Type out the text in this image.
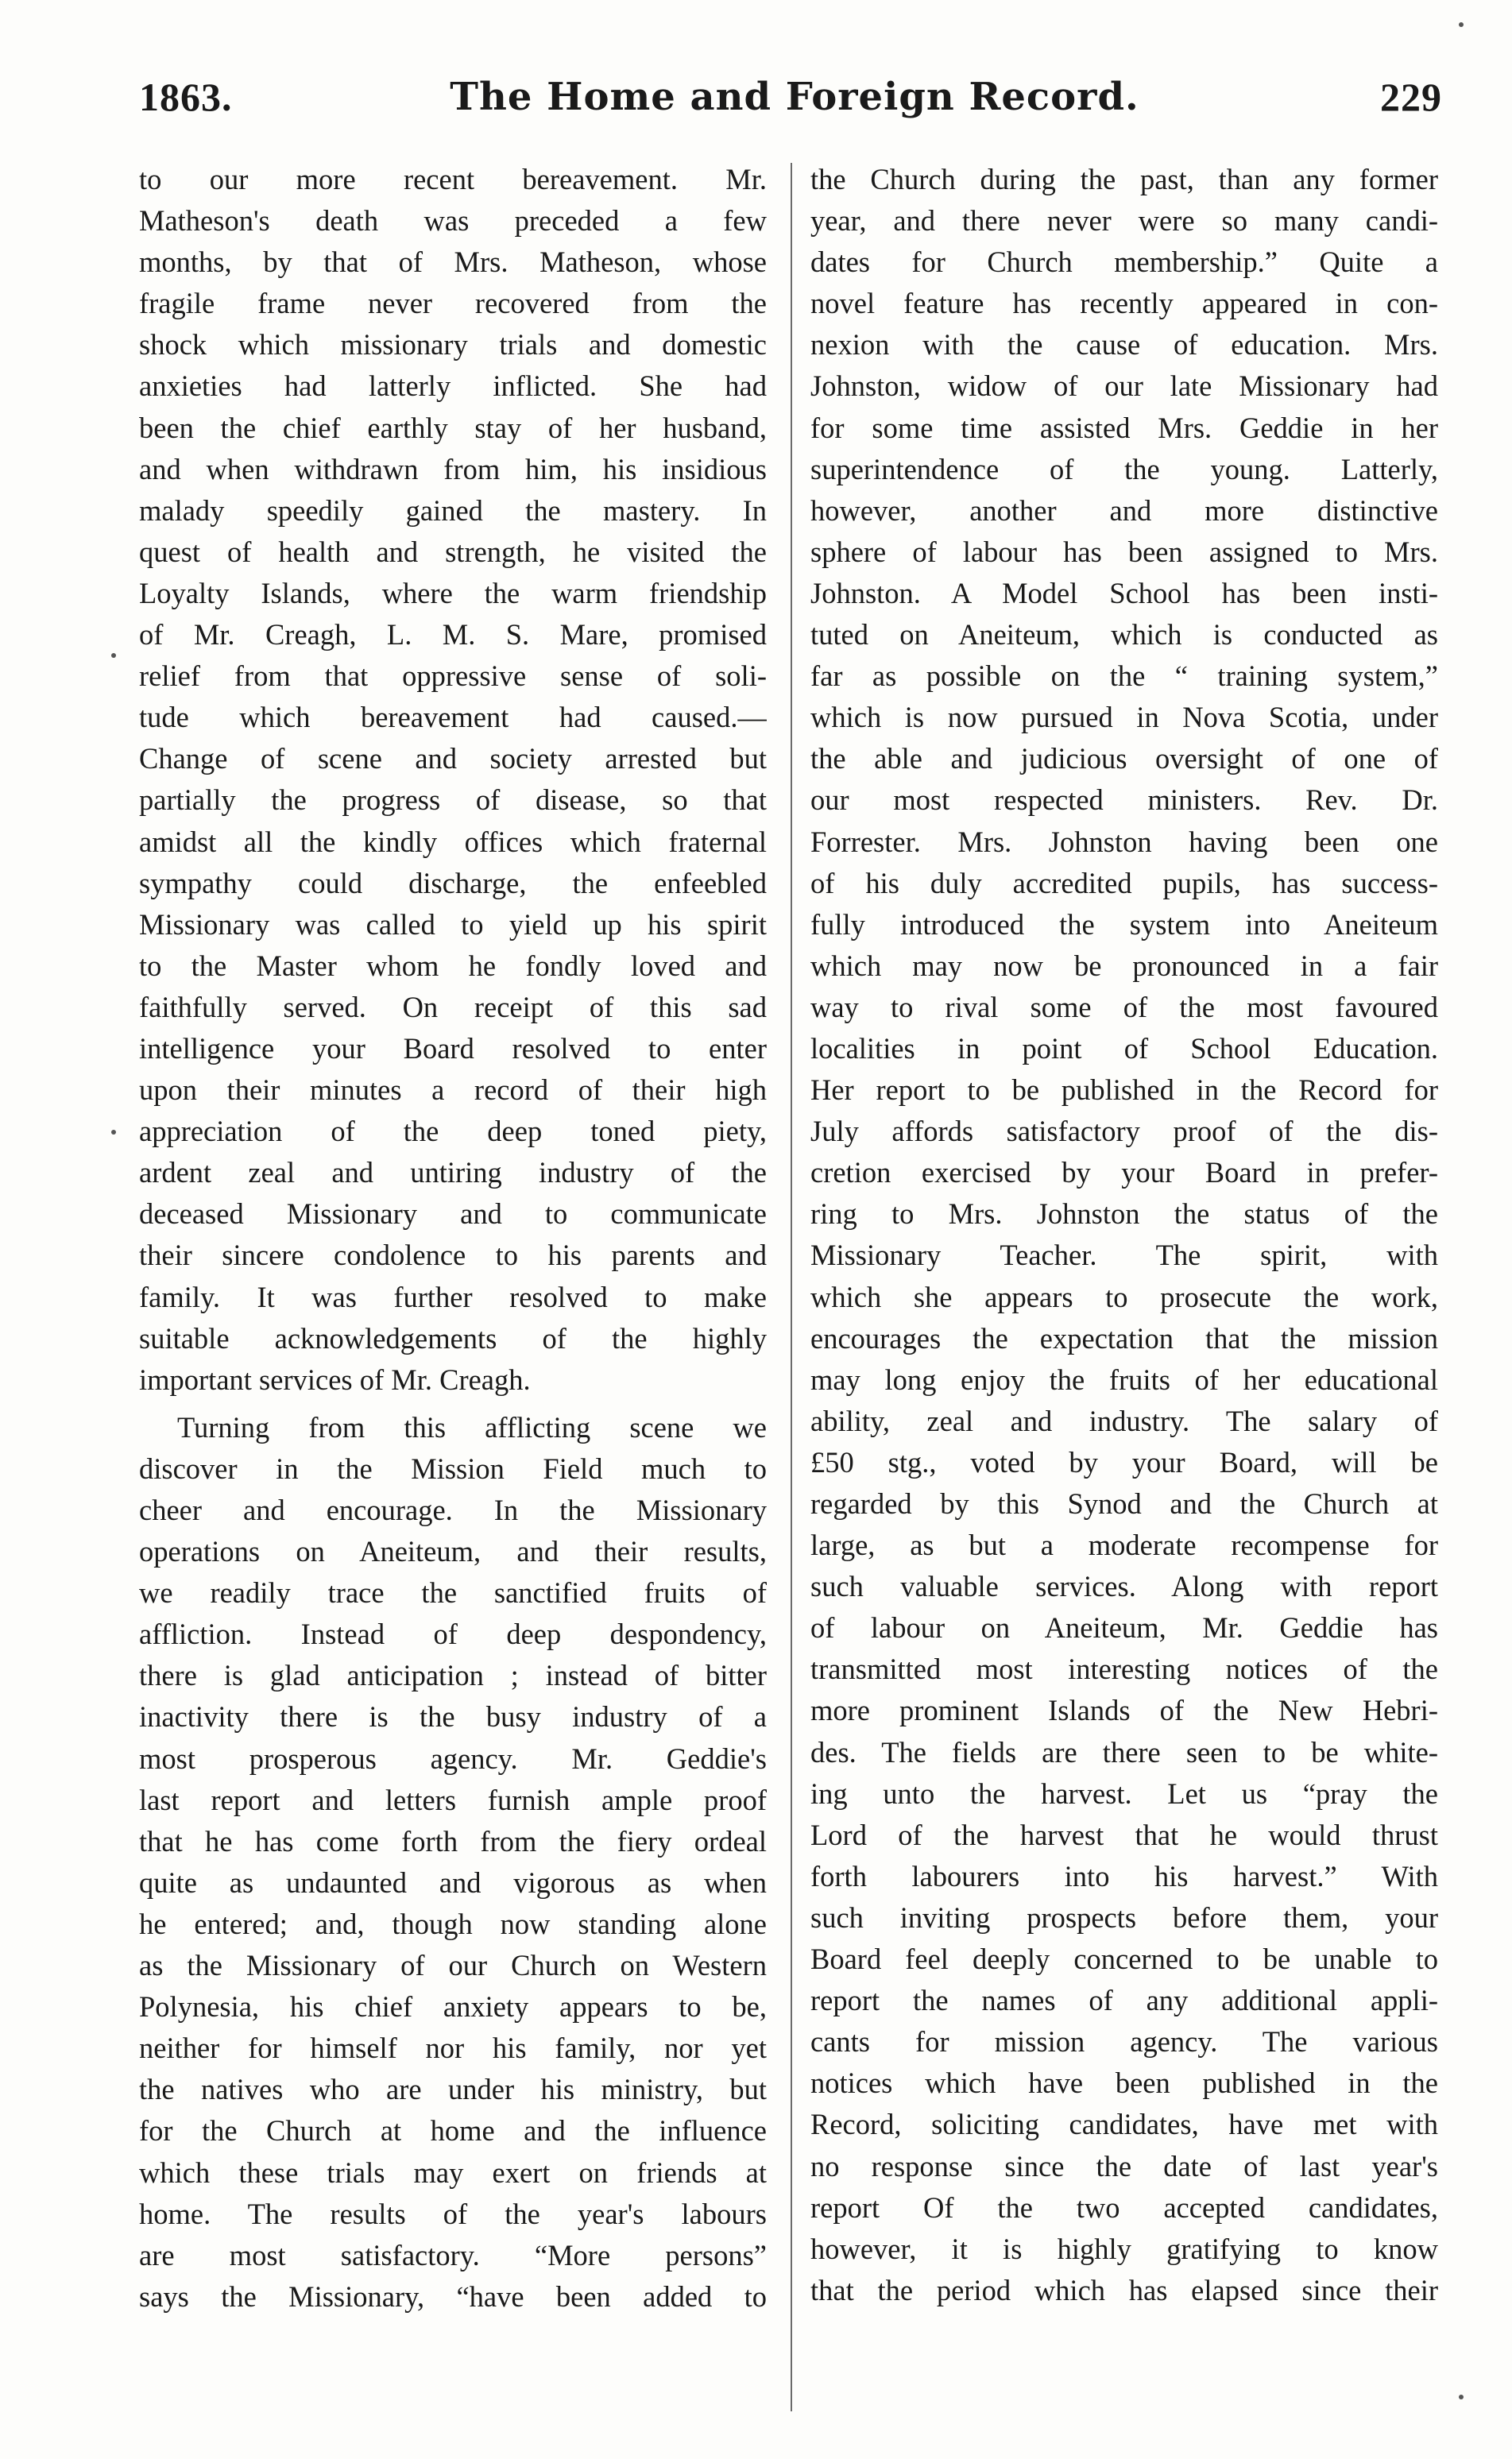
1863.	The Home and Foreign Record.	229
to our more recent bereavement. Mr.
Matheson's death was preceded a few
months, by that of Mrs. Matheson, whose
fragile frame never recovered from the
shock which missionary trials and domestic
anxieties had latterly inflicted. She had
been the chief earthly stay of her husband,
and when withdrawn from him, his insidious
malady speedily gained the mastery. In
quest of health and strength, he visited the
Loyalty Islands, where the warm friendship
of Mr. Creagh, L. M. S. Mare, promised
relief from that oppressive sense of soli-
tude which bereavement had caused.—
Change of scene and society arrested but
partially the progress of disease, so that
amidst all the kindly offices which fraternal
sympathy could discharge, the enfeebled
Missionary was called to yield up his spirit
to the Master whom he fondly loved and
faithfully served. On receipt of this sad
intelligence your Board resolved to enter
upon their minutes a record of their high
appreciation of the deep toned piety,
ardent zeal and untiring industry of the
deceased Missionary and to communicate
their sincere condolence to his parents and
family. It was further resolved to make
suitable acknowledgements of the highly
important services of Mr. Creagh.
Turning from this afflicting scene we
discover in the Mission Field much to
cheer and encourage. In the Missionary
operations on Aneiteum, and their results,
we readily trace the sanctified fruits of
affliction. Instead of deep despondency,
there is glad anticipation ; instead of bitter
inactivity there is the busy industry of a
most prosperous agency. Mr. Geddie's
last report and letters furnish ample proof
that he has come forth from the fiery ordeal
quite as undaunted and vigorous as when
he entered; and, though now standing alone
as the Missionary of our Church on Western
Polynesia, his chief anxiety appears to be,
neither for himself nor his family, nor yet
the natives who are under his ministry, but
for the Church at home and the influence
which these trials may exert on friends at
home. The results of the year's labours
are most satisfactory. “More persons”
says the Missionary, “have been added to
the Church during the past, than any former
year, and there never were so many candi-
dates for Church membership.” Quite a
novel feature has recently appeared in con-
nexion with the cause of education. Mrs.
Johnston, widow of our late Missionary had
for some time assisted Mrs. Geddie in her
superintendence of the young. Latterly,
however, another and more distinctive
sphere of labour has been assigned to Mrs.
Johnston. A Model School has been insti-
tuted on Aneiteum, which is conducted as
far as possible on the “ training system,”
which is now pursued in Nova Scotia, under
the able and judicious oversight of one of
our most respected ministers. Rev. Dr.
Forrester. Mrs. Johnston having been one
of his duly accredited pupils, has success-
fully introduced the system into Aneiteum
which may now be pronounced in a fair
way to rival some of the most favoured
localities in point of School Education.
Her report to be published in the Record for
July affords satisfactory proof of the dis-
cretion exercised by your Board in prefer-
ring to Mrs. Johnston the status of the
Missionary Teacher. The spirit, with
which she appears to prosecute the work,
encourages the expectation that the mission
may long enjoy the fruits of her educational
ability, zeal and industry. The salary of
£50 stg., voted by your Board, will be
regarded by this Synod and the Church at
large, as but a moderate recompense for
such valuable services. Along with report
of labour on Aneiteum, Mr. Geddie has
transmitted most interesting notices of the
more prominent Islands of the New Hebri-
des. The fields are there seen to be white-
ing unto the harvest. Let us “pray the
Lord of the harvest that he would thrust
forth labourers into his harvest.” With
such inviting prospects before them, your
Board feel deeply concerned to be unable to
report the names of any additional appli-
cants for mission agency. The various
notices which have been published in the
Record, soliciting candidates, have met with
no response since the date of last year's
report Of the two accepted candidates,
however, it is highly gratifying to know
that the period which has elapsed since their
